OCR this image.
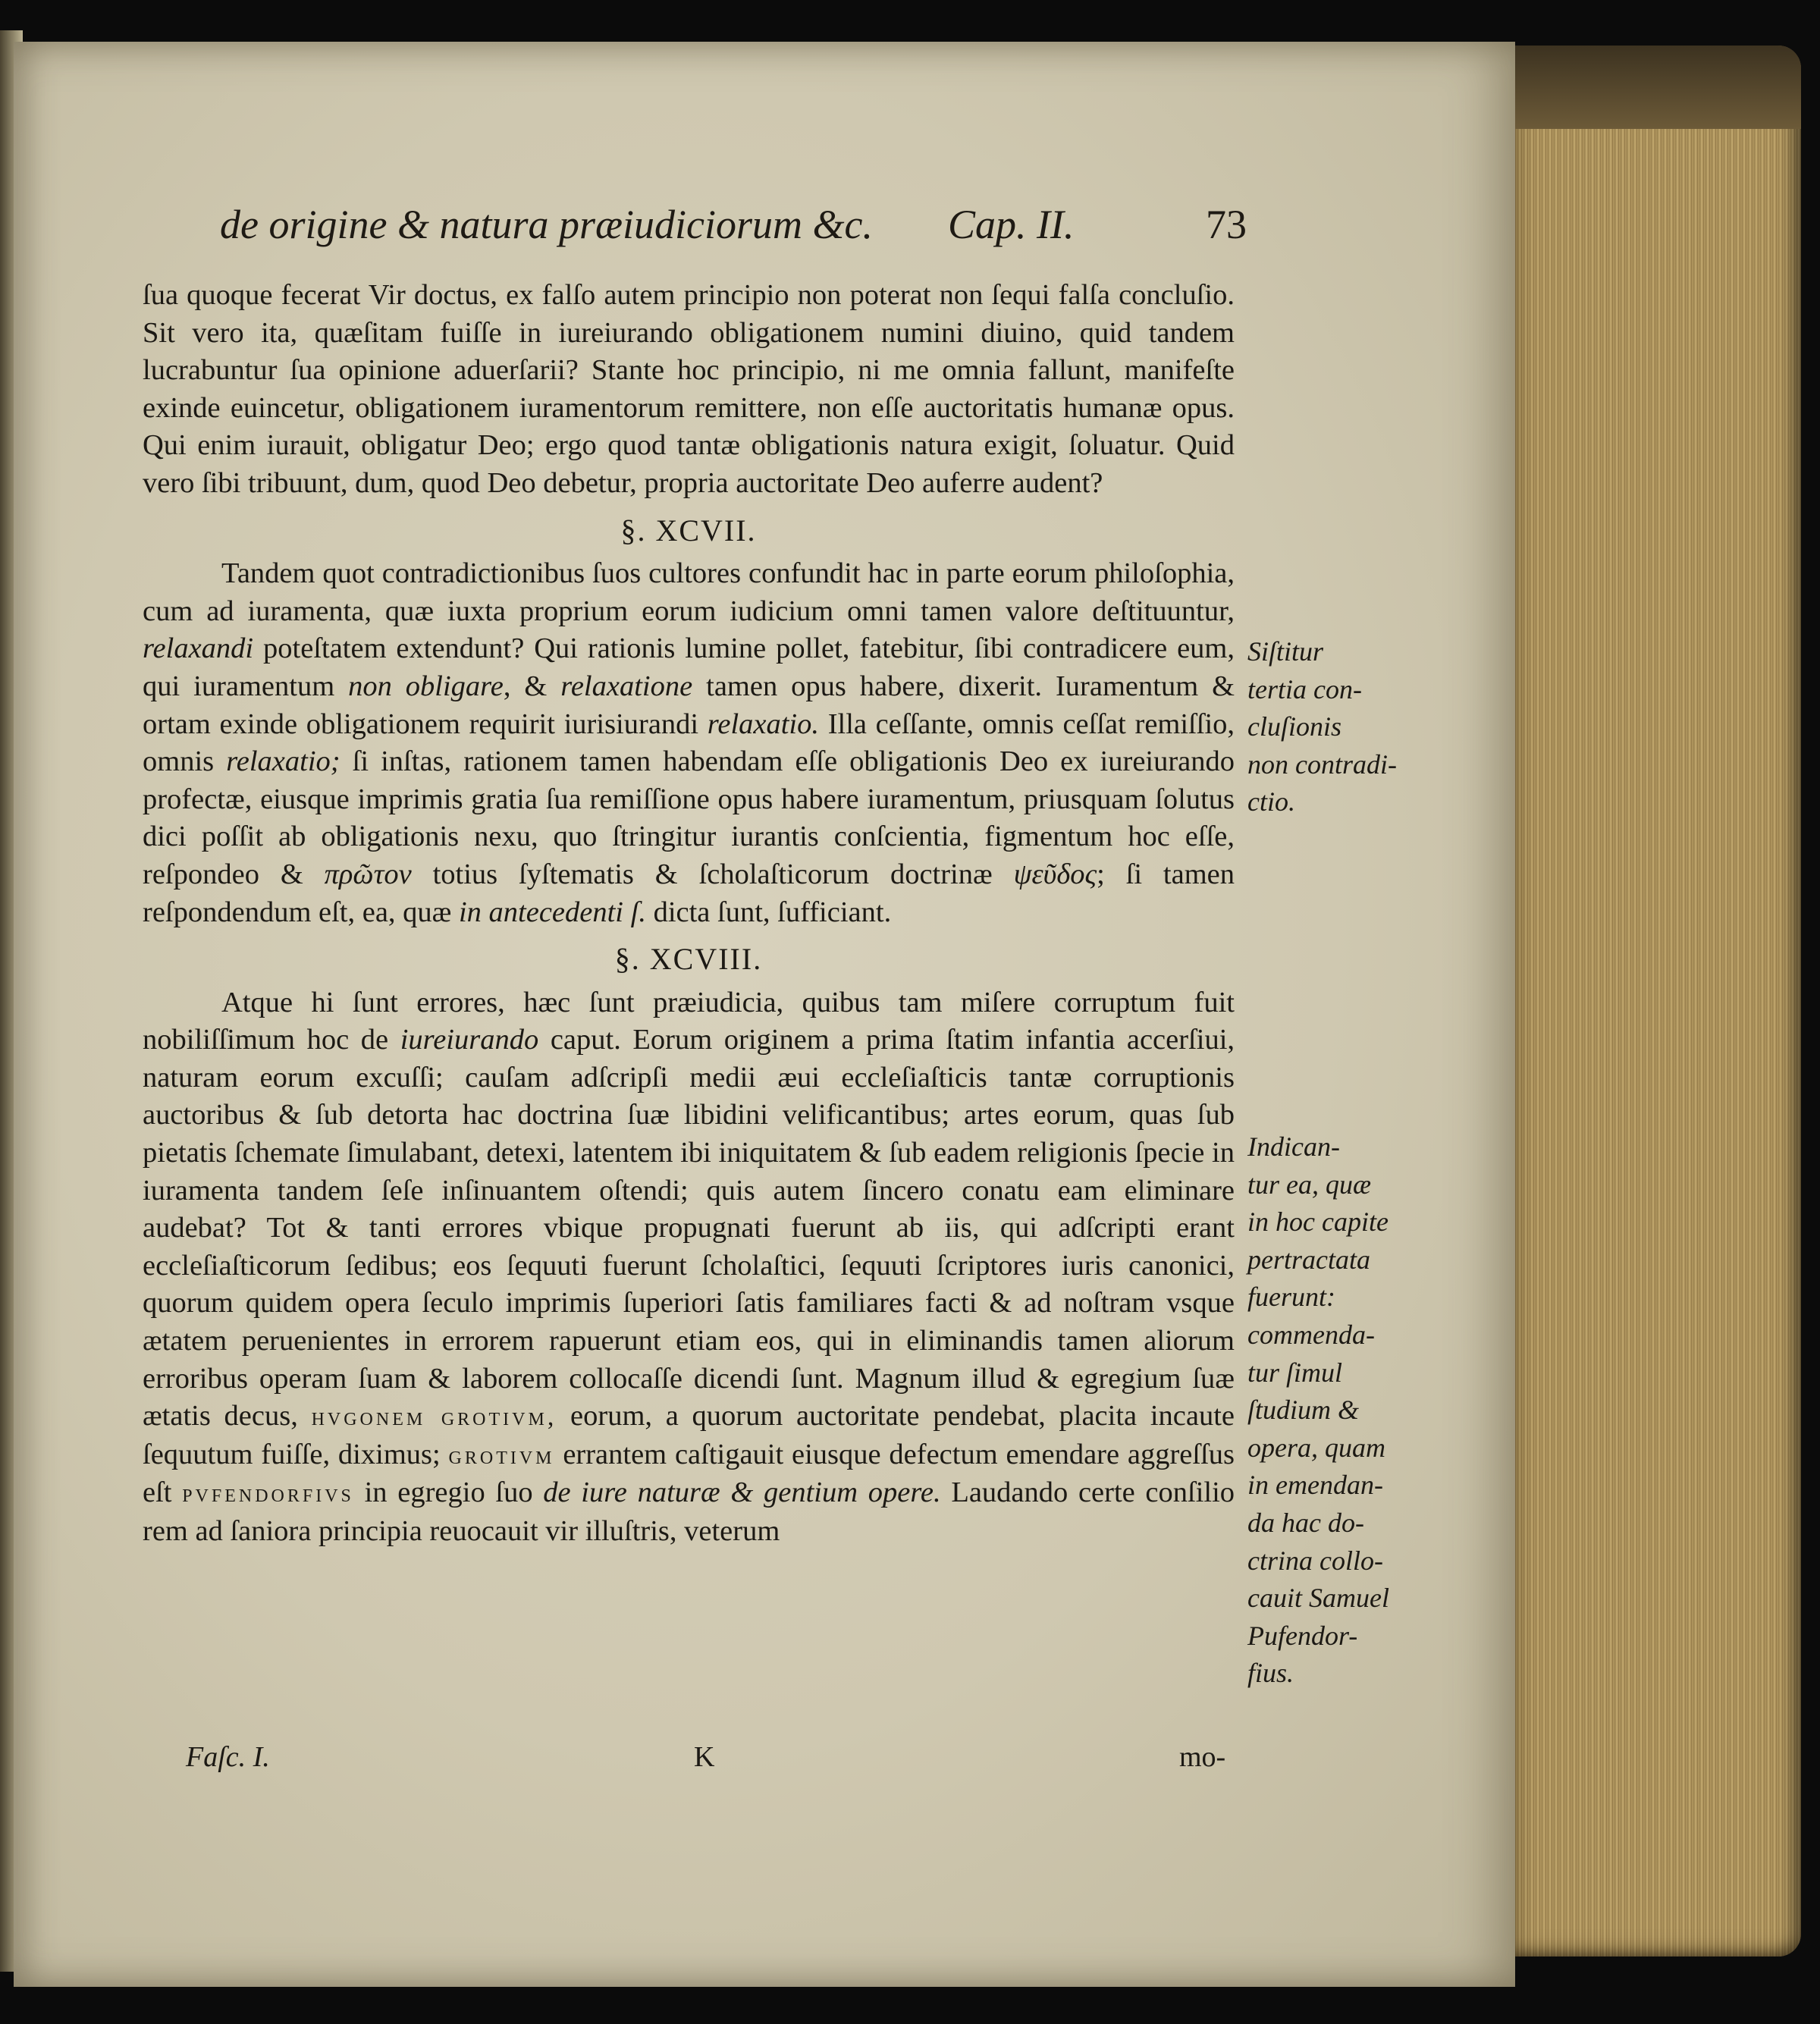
de origine & natura præiudiciorum &c. Cap. II.	73

ſua quoque fecerat Vir doctus, ex falſo autem principio non poterat non ſequi falſa concluſio. Sit vero ita, quæſitam fuiſſe in iureiurando obligationem numini diuino, quid tandem lucrabuntur ſua opinione aduerſarii? Stante hoc principio, ni me omnia fallunt, manifeſte exinde euincetur, obligationem iuramentorum remittere, non eſſe auctoritatis humanæ opus. Qui enim iurauit, obligatur Deo; ergo quod tantæ obligationis natura exigit, ſoluatur. Quid vero ſibi tribuunt, dum, quod Deo debetur, propria auctoritate Deo auferre audent?

§. XCVII.

Tandem quot contradictionibus ſuos cultores confundit hac in parte eorum philoſophia, cum ad iuramenta, quæ iuxta proprium eorum iudicium omni tamen valore deſtituuntur, relaxandi poteſtatem extendunt? Qui rationis lumine pollet, fatebitur, ſibi contradicere eum, qui iuramentum non obligare, & relaxatione tamen opus habere, dixerit. Iuramentum & ortam exinde obligationem requirit iurisiurandi relaxatio. Illa ceſſante, omnis ceſſat remiſſio, omnis relaxatio; ſi inſtas, rationem tamen habendam eſſe obligationis Deo ex iureiurando profectæ, eiusque imprimis gratia ſua remiſſione opus habere iuramentum, priusquam ſolutus dici poſſit ab obligationis nexu, quo ſtringitur iurantis conſcientia, figmentum hoc eſſe, reſpondeo & πρῶτον totius ſyſtematis & ſcholaſticorum doctrinæ ψεῦδος; ſi tamen reſpondendum eſt, ea, quæ in antecedenti ſ. dicta ſunt, ſufficiant.

§. XCVIII.

Atque hi ſunt errores, hæc ſunt præiudicia, quibus tam miſere corruptum fuit nobiliſſimum hoc de iureiurando caput. Eorum originem a prima ſtatim infantia accerſiui, naturam eorum excuſſi; cauſam adſcripſi medii æui eccleſiaſticis tantæ corruptionis auctoribus & ſub detorta hac doctrina ſuæ libidini velificantibus; artes eorum, quas ſub pietatis ſchemate ſimulabant, detexi, latentem ibi iniquitatem & ſub eadem religionis ſpecie in iuramenta tandem ſeſe inſinuantem oſtendi; quis autem ſincero conatu eam eliminare audebat? Tot & tanti errores vbique propugnati fuerunt ab iis, qui adſcripti erant eccleſiaſticorum ſedibus; eos ſequuti fuerunt ſcholaſtici, ſequuti ſcriptores iuris canonici, quorum quidem opera ſeculo imprimis ſuperiori ſatis familiares facti & ad noſtram vsque ætatem peruenientes in errorem rapuerunt etiam eos, qui in eliminandis tamen aliorum erroribus operam ſuam & laborem collocaſſe dicendi ſunt. Magnum illud & egregium ſuæ ætatis decus, hvgonem grotivm, eorum, a quorum auctoritate pendebat, placita incaute ſequutum fuiſſe, diximus; grotivm errantem caſtigauit eiusque defectum emendare aggreſſus eſt pvfendorfivs in egregio ſuo de iure naturæ & gentium opere. Laudando certe conſilio rem ad ſaniora principia reuocauit vir illuſtris, veterum

Siſtitur
tertia con-
cluſionis
non contradi-
ctio.
Indican-
tur ea, quæ
in hoc capite
pertractata
fuerunt:
commenda-
tur ſimul
ſtudium &
opera, quam
in emendan-
da hac do-
ctrina collo-
cauit Samuel
Pufendor-
fius.
Faſc. I.	K	mo-
